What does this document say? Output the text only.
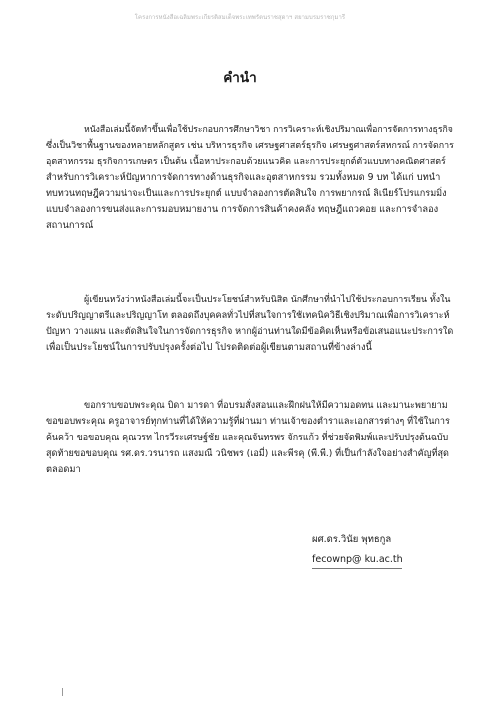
โครงการหนังสือเฉลิมพระเกียรติสมเด็จพระเทพรัตนราชสุดาฯ สยามบรมราชกุมารี
คำนำ
หนังสือเล่มนี้จัดทำขึ้นเพื่อใช้ประกอบการศึกษาวิชา การวิเคราะห์เชิงปริมาณเพื่อการจัดการทางธุรกิจ
ซึ่งเป็นวิชาพื้นฐานของหลายหลักสูตร เช่น บริหารธุรกิจ เศรษฐศาสตร์ธุรกิจ เศรษฐศาสตร์สหกรณ์ การจัดการ
อุตสาหกรรม ธุรกิจการเกษตร เป็นต้น เนื้อหาประกอบด้วยแนวคิด และการประยุกต์ตัวแบบทางคณิตศาสตร์
สำหรับการวิเคราะห์ปัญหาการจัดการทางด้านธุรกิจและอุตสาหกรรม รวมทั้งหมด 9 บท ได้แก่ บทนำ
ทบทวนทฤษฎีความน่าจะเป็นและการประยุกต์ แบบจำลองการตัดสินใจ การพยากรณ์ ลิเนียร์โปรแกรมมิ่ง
แบบจำลองการขนส่งและการมอบหมายงาน การจัดการสินค้าคงคลัง ทฤษฎีแถวคอย และการจำลอง
สถานการณ์
ผู้เขียนหวังว่าหนังสือเล่มนี้จะเป็นประโยชน์สำหรับนิสิต นักศึกษาที่นำไปใช้ประกอบการเรียน ทั้งใน
ระดับปริญญาตรีและปริญญาโท ตลอดถึงบุคคลทั่วไปที่สนใจการใช้เทคนิควิธีเชิงปริมาณเพื่อการวิเคราะห์
ปัญหา วางแผน และตัดสินใจในการจัดการธุรกิจ หากผู้อ่านท่านใดมีข้อคิดเห็นหรือข้อเสนอแนะประการใด
เพื่อเป็นประโยชน์ในการปรับปรุงครั้งต่อไป โปรดติดต่อผู้เขียนตามสถานที่ข้างล่างนี้
ขอกราบขอบพระคุณ บิดา มารดา ที่อบรมสั่งสอนและฝึกฝนให้มีความอดทน และมานะพยายาม
ขอขอบพระคุณ ครูอาจารย์ทุกท่านที่ได้ให้ความรู้ที่ผ่านมา ท่านเจ้าของตำราและเอกสารต่างๆ ที่ใช้ในการ
ค้นคว้า ขอขอบคุณ คุณวรท ไกรวีระเศรษฐ์ชัย และคุณจันทรพร จักรแก้ว ที่ช่วยจัดพิมพ์และปรับปรุงต้นฉบับ
สุดท้ายขอขอบคุณ รศ.ดร.วรนารถ แสงมณี วนิชพร (เอมี่) และพีรคุ (พี.พี.) ที่เป็นกำลังใจอย่างสำคัญที่สุด
ตลอดมา
ผศ.ดร.วินัย พุทธกูล
fecownp@ ku.ac.th
